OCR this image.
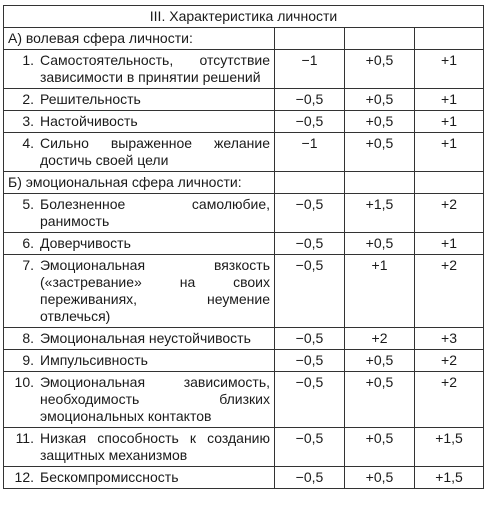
III. Характеристика личности			
А) волевая сфера личности:			

1. Самостоятельность, отсутствие зависимости в принятии решений	−1	+0,5	+1

2. Решительность	−0,5	+0,5	+1

3. Настойчивость	−0,5	+0,5	+1

4. Сильно выраженное желание достичь своей цели	−1	+0,5	+1
Б) эмоциональная сфера личности:			

5. Болезненное самолюбие, ранимость	−0,5	+1,5	+2

6. Доверчивость	−0,5	+0,5	+1

7. Эмоциональная вязкость («застревание» на своих переживаниях, неумение отвлечься)	−0,5	+1	+2

8. Эмоциональная неустойчивость	−0,5	+2	+3

9. Импульсивность	−0,5	+0,5	+2

10. Эмоциональная зависимость, необходимость близких эмоциональных контактов	−0,5	+0,5	+2

11. Низкая способность к созданию защитных механизмов	−0,5	+0,5	+1,5

12. Бескомпромиссность	−0,5	+0,5	+1,5
